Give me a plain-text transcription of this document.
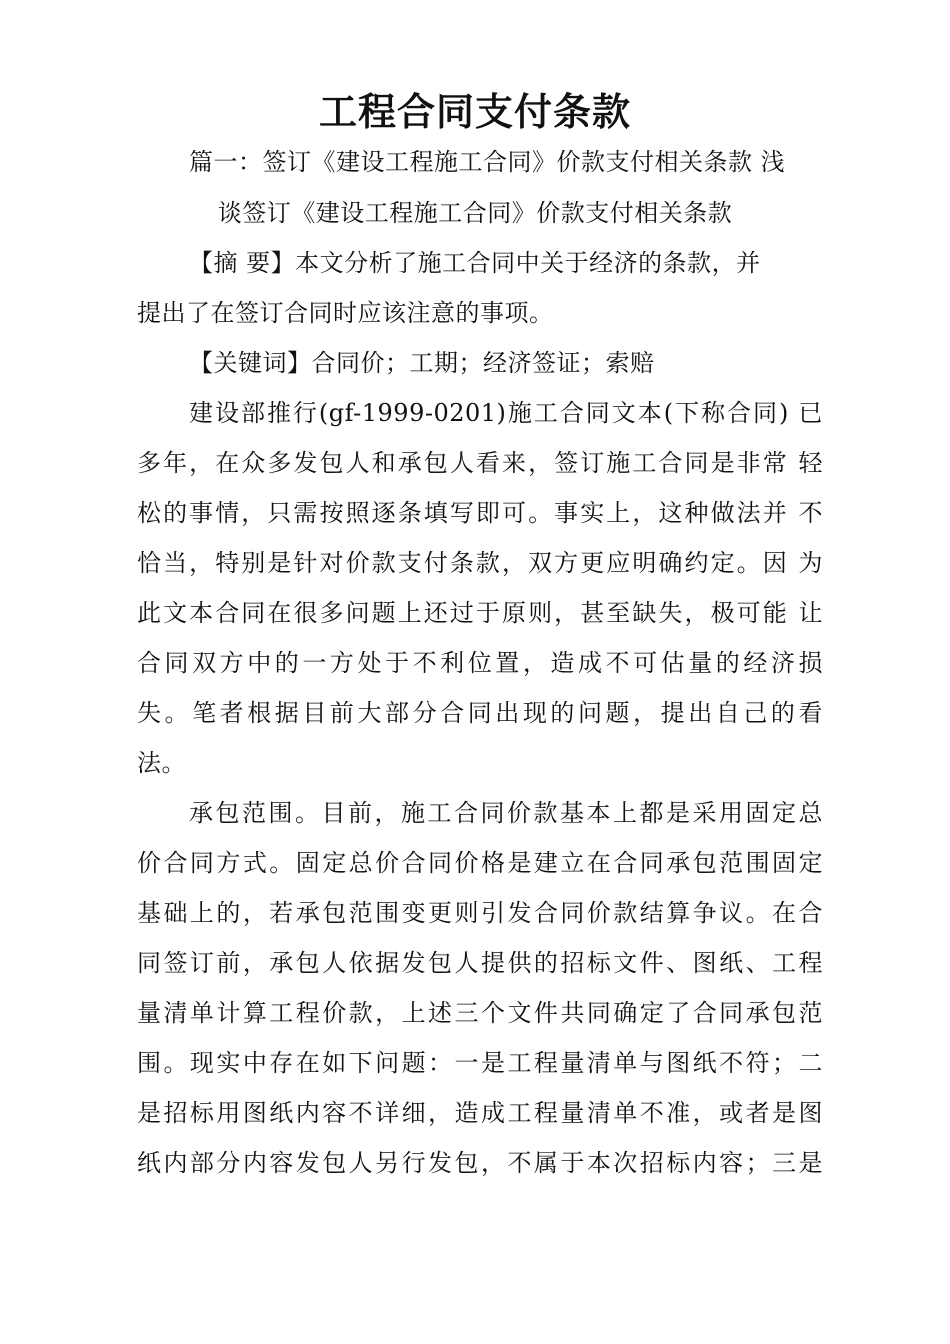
工程合同支付条款
篇一：签订《建设工程施工合同》价款支付相关条款 浅
谈签订《建设工程施工合同》价款支付相关条款
【摘 要】本文分析了施工合同中关于经济的条款，并
提出了在签订合同时应该注意的事项。
【关键词】合同价；工期；经济签证；索赔
建设部推行(gf-1999-0201)施工合同文本(下称合同) 已
多年，在众多发包人和承包人看来，签订施工合同是非常 轻
松的事情，只需按照逐条填写即可。事实上，这种做法并 不
恰当，特别是针对价款支付条款，双方更应明确约定。因 为
此文本合同在很多问题上还过于原则，甚至缺失，极可能 让
合同双方中的一方处于不利位置，造成不可估量的经济损
失。笔者根据目前大部分合同出现的问题，提出自己的看
法。
承包范围。目前，施工合同价款基本上都是采用固定总
价合同方式。固定总价合同价格是建立在合同承包范围固定
基础上的，若承包范围变更则引发合同价款结算争议。在合
同签订前，承包人依据发包人提供的招标文件、图纸、工程
量清单计算工程价款，上述三个文件共同确定了合同承包范
围。现实中存在如下问题：一是工程量清单与图纸不符；二
是招标用图纸内容不详细，造成工程量清单不准，或者是图
纸内部分内容发包人另行发包，不属于本次招标内容；三是
